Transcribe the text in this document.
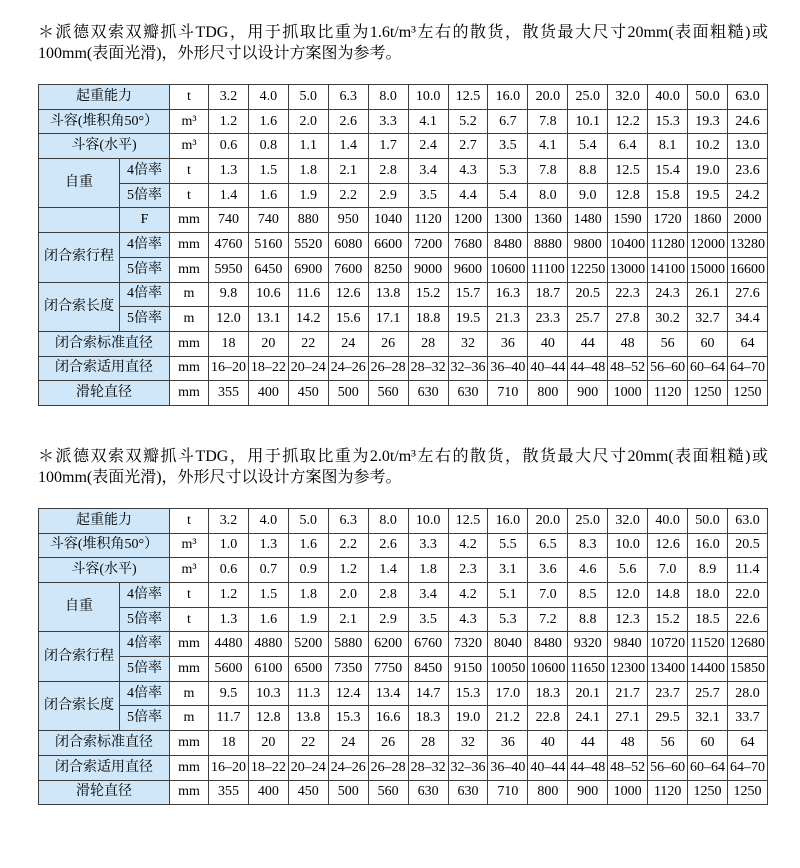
＊派德双索双瓣抓斗TDG，用于抓取比重为1.6t/m³左右的散货，散货最大尺寸20mm(表面粗糙)或100mm(表面光滑)，外形尺寸以设计方案图为参考。

起重能力		t	3.2	4.0	5.0	6.3	8.0	10.0	12.5	16.0	20.0	25.0	32.0	40.0	50.0	63.0
斗容(堆积角50°）		m³	1.2	1.6	2.0	2.6	3.3	4.1	5.2	6.7	7.8	10.1	12.2	15.3	19.3	24.6
斗容(水平)		m³	0.6	0.8	1.1	1.4	1.7	2.4	2.7	3.5	4.1	5.4	6.4	8.1	10.2	13.0
自重	4倍率	t	1.3	1.5	1.8	2.1	2.8	3.4	4.3	5.3	7.8	8.8	12.5	15.4	19.0	23.6
	5倍率	t	1.4	1.6	1.9	2.2	2.9	3.5	4.4	5.4	8.0	9.0	12.8	15.8	19.5	24.2
	F	mm	740	740	880	950	1040	1120	1200	1300	1360	1480	1590	1720	1860	2000
闭合索行程	4倍率	mm	4760	5160	5520	6080	6600	7200	7680	8480	8880	9800	10400	11280	12000	13280
	5倍率	mm	5950	6450	6900	7600	8250	9000	9600	10600	11100	12250	13000	14100	15000	16600
闭合索长度	4倍率	m	9.8	10.6	11.6	12.6	13.8	15.2	15.7	16.3	18.7	20.5	22.3	24.3	26.1	27.6
	5倍率	m	12.0	13.1	14.2	15.6	17.1	18.8	19.5	21.3	23.3	25.7	27.8	30.2	32.7	34.4
闭合索标准直径		mm	18	20	22	24	26	28	32	36	40	44	48	56	60	64
闭合索适用直径		mm	16–20	18–22	20–24	24–26	26–28	28–32	32–36	36–40	40–44	44–48	48–52	56–60	60–64	64–70
滑轮直径		mm	355	400	450	500	560	630	630	710	800	900	1000	1120	1250	1250

＊派德双索双瓣抓斗TDG，用于抓取比重为2.0t/m³左右的散货，散货最大尺寸20mm(表面粗糙)或100mm(表面光滑)，外形尺寸以设计方案图为参考。

起重能力		t	3.2	4.0	5.0	6.3	8.0	10.0	12.5	16.0	20.0	25.0	32.0	40.0	50.0	63.0
斗容(堆积角50°）		m³	1.0	1.3	1.6	2.2	2.6	3.3	4.2	5.5	6.5	8.3	10.0	12.6	16.0	20.5
斗容(水平)		m³	0.6	0.7	0.9	1.2	1.4	1.8	2.3	3.1	3.6	4.6	5.6	7.0	8.9	11.4
自重	4倍率	t	1.2	1.5	1.8	2.0	2.8	3.4	4.2	5.1	7.0	8.5	12.0	14.8	18.0	22.0
	5倍率	t	1.3	1.6	1.9	2.1	2.9	3.5	4.3	5.3	7.2	8.8	12.3	15.2	18.5	22.6
闭合索行程	4倍率	mm	4480	4880	5200	5880	6200	6760	7320	8040	8480	9320	9840	10720	11520	12680
	5倍率	mm	5600	6100	6500	7350	7750	8450	9150	10050	10600	11650	12300	13400	14400	15850
闭合索长度	4倍率	m	9.5	10.3	11.3	12.4	13.4	14.7	15.3	17.0	18.3	20.1	21.7	23.7	25.7	28.0
	5倍率	m	11.7	12.8	13.8	15.3	16.6	18.3	19.0	21.2	22.8	24.1	27.1	29.5	32.1	33.7
闭合索标准直径		mm	18	20	22	24	26	28	32	36	40	44	48	56	60	64
闭合索适用直径		mm	16–20	18–22	20–24	24–26	26–28	28–32	32–36	36–40	40–44	44–48	48–52	56–60	60–64	64–70
滑轮直径		mm	355	400	450	500	560	630	630	710	800	900	1000	1120	1250	1250
